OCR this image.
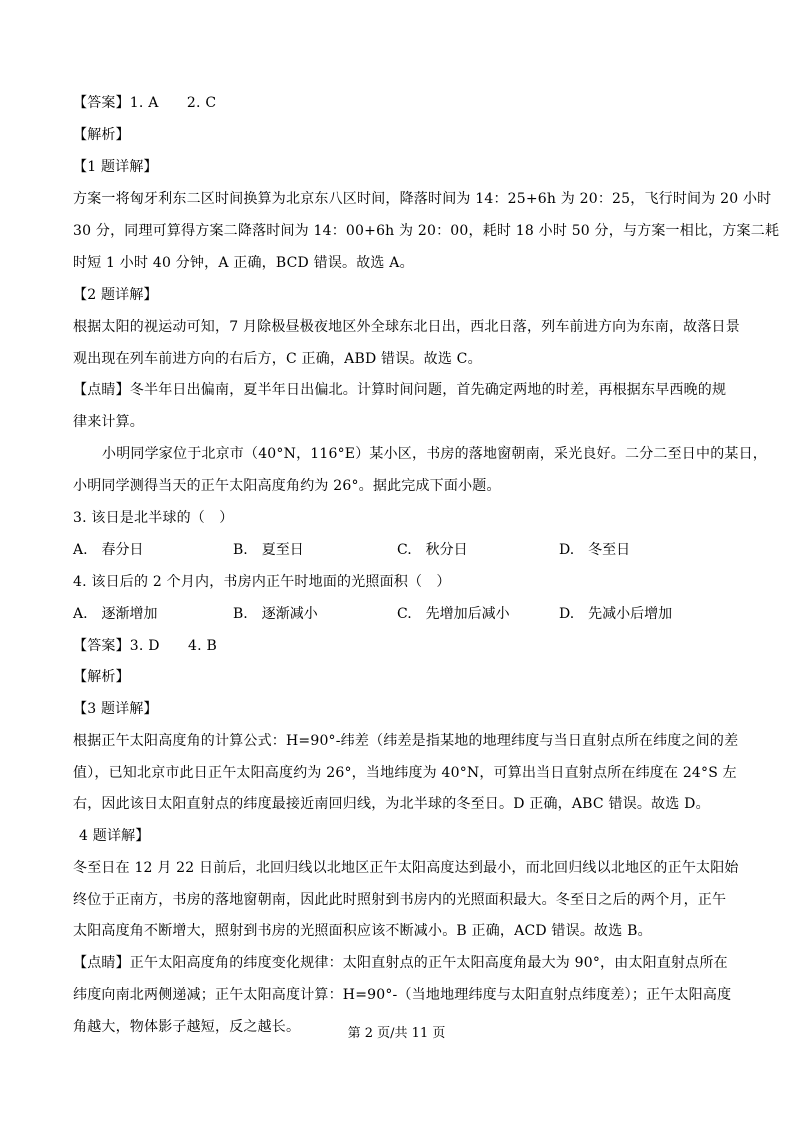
【答案】1. A　　2. C
【解析】
【1 题详解】
方案一将匈牙利东二区时间换算为北京东八区时间，降落时间为 14：25+6h 为 20：25，飞行时间为 20 小时
30 分，同理可算得方案二降落时间为 14：00+6h 为 20：00，耗时 18 小时 50 分，与方案一相比，方案二耗
时短 1 小时 40 分钟，A 正确，BCD 错误。故选 A。
【2 题详解】
根据太阳的视运动可知，7 月除极昼极夜地区外全球东北日出，西北日落，列车前进方向为东南，故落日景
观出现在列车前进方向的右后方，C 正确，ABD 错误。故选 C。
【点睛】冬半年日出偏南，夏半年日出偏北。计算时间问题，首先确定两地的时差，再根据东早西晚的规
律来计算。
小明同学家位于北京市（40°N，116°E）某小区，书房的落地窗朝南，采光良好。二分二至日中的某日，
小明同学测得当天的正午太阳高度角约为 26°。据此完成下面小题。
3. 该日是北半球的（　）
A.　春分日	B.　夏至日	C.　秋分日	D.　冬至日
4. 该日后的 2 个月内，书房内正午时地面的光照面积（　）
A.　逐渐增加	B.　逐渐减小	C.　先增加后减小	D.　先减小后增加
【答案】3. D　　4. B
【解析】
【3 题详解】
根据正午太阳高度角的计算公式：H=90°-纬差（纬差是指某地的地理纬度与当日直射点所在纬度之间的差
值），已知北京市此日正午太阳高度约为 26°，当地纬度为 40°N，可算出当日直射点所在纬度在 24°S 左
右，因此该日太阳直射点的纬度最接近南回归线，为北半球的冬至日。D 正确，ABC 错误。故选 D。
4 题详解】
冬至日在 12 月 22 日前后，北回归线以北地区正午太阳高度达到最小，而北回归线以北地区的正午太阳始
终位于正南方，书房的落地窗朝南，因此此时照射到书房内的光照面积最大。冬至日之后的两个月，正午
太阳高度角不断增大，照射到书房的光照面积应该不断减小。B 正确，ACD 错误。故选 B。
【点睛】正午太阳高度角的纬度变化规律：太阳直射点的正午太阳高度角最大为 90°，由太阳直射点所在
纬度向南北两侧递减；正午太阳高度计算：H=90°-（当地地理纬度与太阳直射点纬度差）；正午太阳高度
角越大，物体影子越短，反之越长。	第 2 页/共 11 页
